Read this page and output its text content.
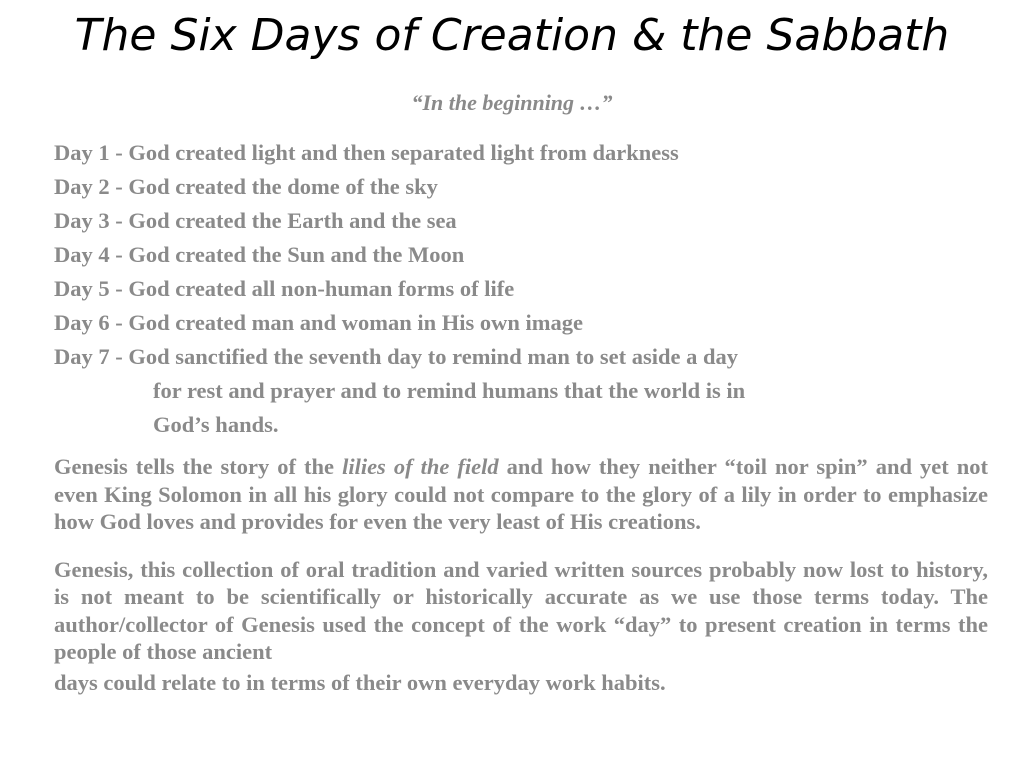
The Six Days of Creation & the Sabbath
“In the beginning …”
Day 1 - God created light and then separated light from darkness
Day 2 - God created the dome of the sky
Day 3 - God created the Earth and the sea
Day 4 - God created the Sun and the Moon
Day 5 - God created all non-human forms of life
Day 6 - God created man and woman in His own image
Day 7 - God sanctified the seventh day to remind man to set aside a day
for rest and prayer and to remind humans that the world is in
God’s hands.

Genesis tells the story of the lilies of the field and how they neither “toil nor spin” and yet not even King Solomon in all his glory could not compare to the glory of a lily in order to emphasize how God loves and provides for even the very least of His creations.

Genesis, this collection of oral tradition and varied written sources probably now lost to history, is not meant to be scientifically or historically accurate as we use those terms today. The author/collector of Genesis used the concept of the work “day” to present creation in terms the people of those ancient

days could relate to in terms of their own everyday work habits.
